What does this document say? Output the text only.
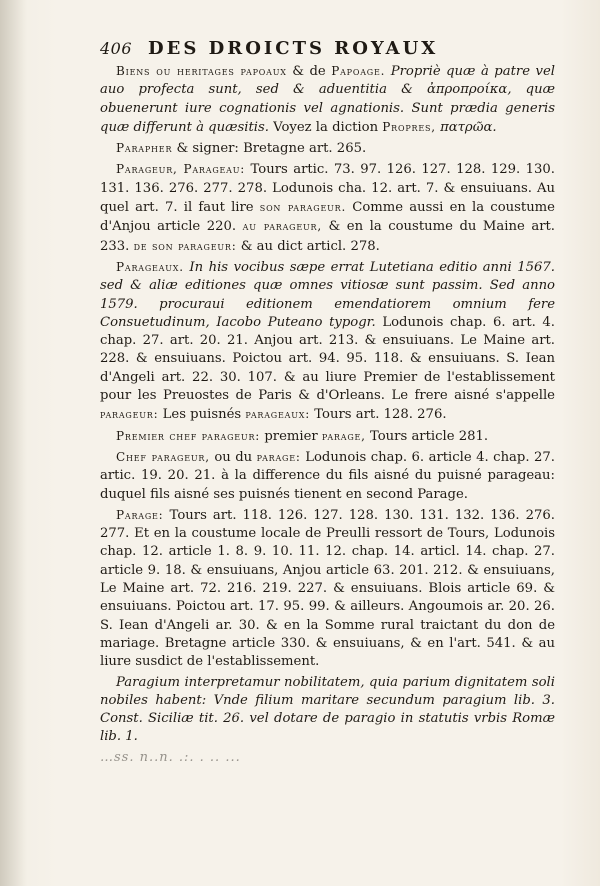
406 DES DROICTS ROYAUX

Biens ou heritages papoaux & de Papoage. Propriè quæ à patre vel auo profecta sunt, sed & aduentitia & ἀπροπροίκα, quæ obuenerunt iure cognationis vel agnationis. Sunt prædia generis quæ differunt à quæsitis. Voyez la diction Propres, πατρῶα.

Parapher & signer: Bretagne art. 265.

Parageur, Parageau: Tours artic. 73. 97. 126. 127. 128. 129. 130. 131. 136. 276. 277. 278. Lodunois cha. 12. art. 7. & ensuiuans. Au quel art. 7. il faut lire son parageur. Comme aussi en la coustume d'Anjou article 220. au parageur, & en la coustume du Maine art. 233. de son parageur: & au dict articl. 278.

Parageaux. In his vocibus sæpe errat Lutetiana editio anni 1567. sed & aliæ editiones quæ omnes vitiosæ sunt passim. Sed anno 1579. procuraui editionem emendatiorem omnium fere Consuetudinum, Iacobo Puteano typogr. Lodunois chap. 6. art. 4. chap. 27. art. 20. 21. Anjou art. 213. & ensuiuans. Le Maine art. 228. & ensuiuans. Poictou art. 94. 95. 118. & ensuiuans. S. Iean d'Angeli art. 22. 30. 107. & au liure Premier de l'establissement pour les Preuostes de Paris & d'Orleans. Le frere aisné s'appelle parageur: Les puisnés parageaux: Tours art. 128. 276.

Premier chef parageur: premier parage, Tours article 281.

Chef parageur, ou du parage: Lodunois chap. 6. article 4. chap. 27. artic. 19. 20. 21. à la difference du fils aisné du puisné parageau: duquel fils aisné ses puisnés tienent en second Parage.

Parage: Tours art. 118. 126. 127. 128. 130. 131. 132. 136. 276. 277. Et en la coustume locale de Preulli ressort de Tours, Lodunois chap. 12. article 1. 8. 9. 10. 11. 12. chap. 14. articl. 14. chap. 27. article 9. 18. & ensuiuans, Anjou article 63. 201. 212. & ensuiuans, Le Maine art. 72. 216. 219. 227. & ensuiuans. Blois article 69. & ensuiuans. Poictou art. 17. 95. 99. & ailleurs. Angoumois ar. 20. 26. S. Iean d'Angeli ar. 30. & en la Somme rural traictant du don de mariage. Bretagne article 330. & ensuiuans, & en l'art. 541. & au liure susdict de l'establissement.

Paragium interpretamur nobilitatem, quia parium dignitatem soli nobiles habent: Vnde filium maritare secundum paragium lib. 3. Const. Siciliæ tit. 26. vel dotare de paragio in statutis vrbis Romæ lib. 1.

…ss. n..n. .:. . .. ...
